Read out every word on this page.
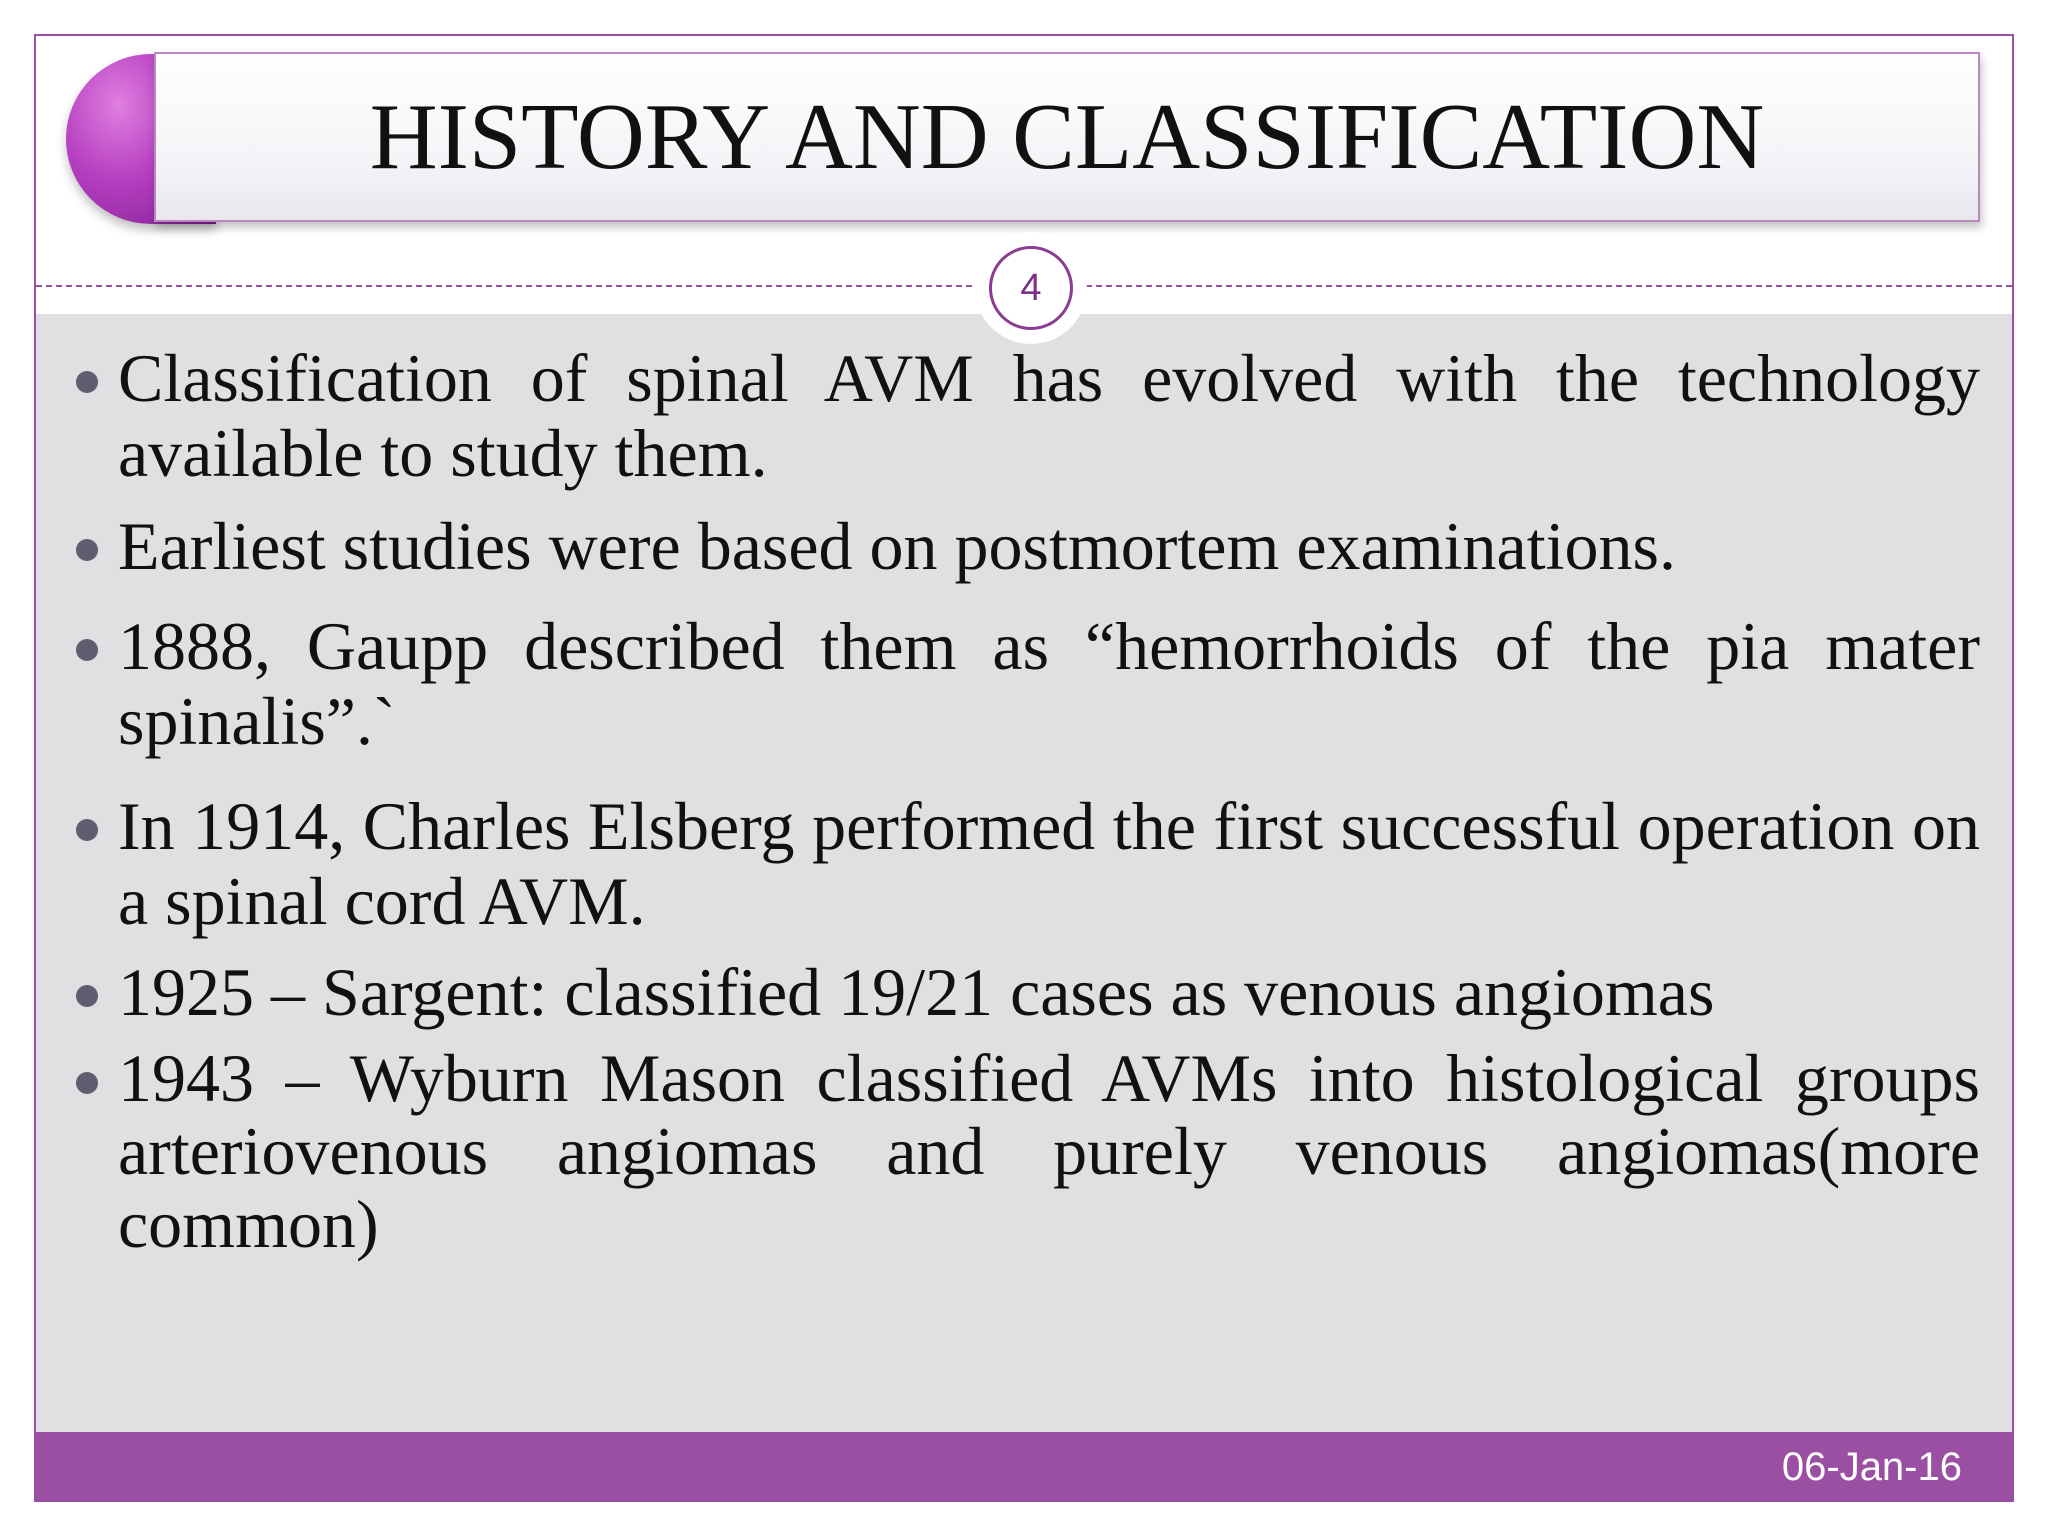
HISTORY AND CLASSIFICATION
4
Classification of spinal AVM has evolved with the technology available to study them.
Earliest studies were based on postmortem examinations.
1888, Gaupp described them as “hemorrhoids of the pia mater spinalis”.`
In 1914, Charles Elsberg performed the first successful operation on a spinal cord AVM.
1925 – Sargent: classified 19/21 cases as venous angiomas
1943 – Wyburn Mason classified AVMs into histological groups arteriovenous angiomas and purely venous angiomas(more common)
06-Jan-16
